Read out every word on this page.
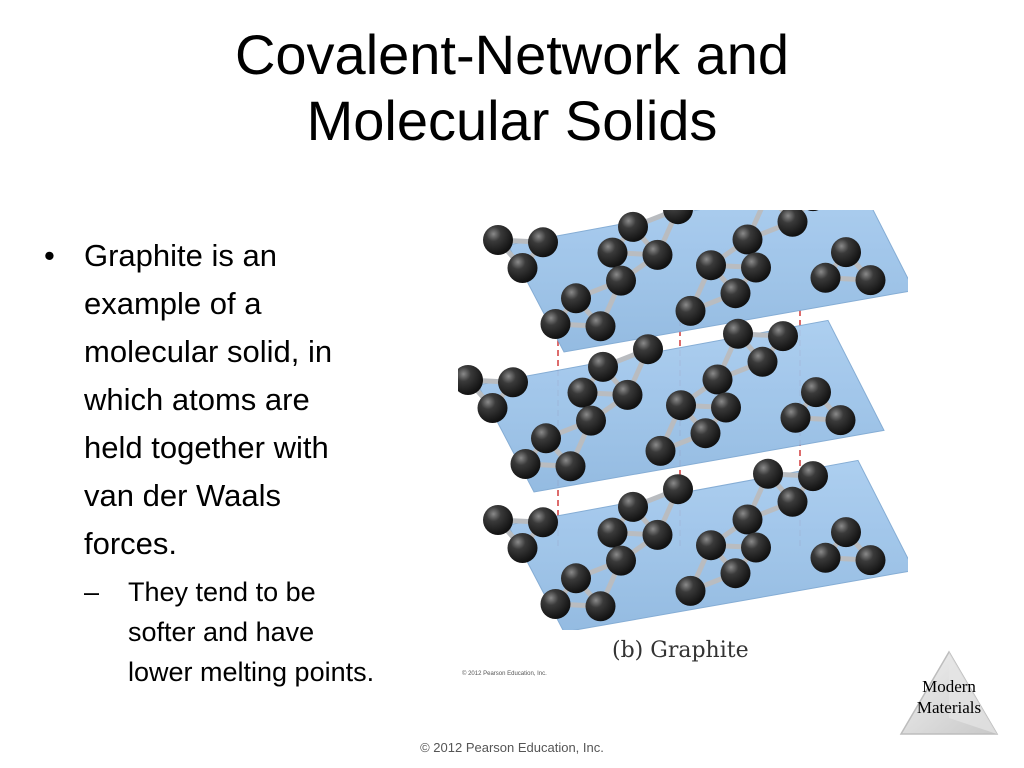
Covalent-Network and
Molecular Solids
• Graphite is an
example of a
molecular solid, in
which atoms are
held together with
van der Waals
forces.
– They tend to be
softer and have
lower melting points.
(b) Graphite
© 2012 Pearson Education, Inc.
Modern
Materials
© 2012 Pearson Education, Inc.
